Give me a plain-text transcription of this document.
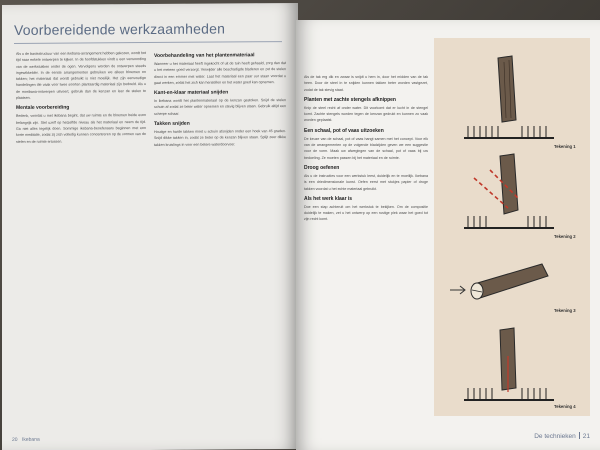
Voorbereidende werkzaamheden

Als u de basisstructuur van een ikebana-arrangement hebben gekozen, wordt het tijd naar enkele ontwerpen te kijken. In de hoofdstukken vindt u een verwoording van de werkstukken onder de ogen. Vervolgens worden de ontwerpen steeds ingewikkelder. In de eerste arrangementen gebruiken we alleen bloemen en takken; het materiaal dat wordt gebruikt is niet moeilijk. Het zijn eenvoudige handelingen die vaak voor twee soorten plantaardig materiaal zijn bedoeld. Als u de moribana-ontwerpen uitvoert, gebruik dan de kenzan en leer de stelen te plaatsen.

Mentale voorbereiding

Bedenk, voordat u met ikebana begint, dat uw ruimte en de bloemen beide even belangrijk zijn. Stel uzelf op hetzelfde niveau als het materiaal en neem de tijd. Ga niet alles tegelijk doen. Sommige ikebana-beoefenaars beginnen met een korte meditatie, zodat zij zich volledig kunnen concentreren op de vormen van de stelen en de ruimte ertussen.

Voorbehandeling van het plantenmateriaal

Wanneer u het materiaal heeft ingekocht of uit de tuin heeft gehaald, zorg dan dat u het meteen goed verzorgt. Verwijder alle beschadigde bladeren en zet de stelen direct in een emmer met water. Laat het materiaal een paar uur staan voordat u gaat werken, zodat het zich kan herstellen en het water goed kan opnemen.

Kant-en-klaar materiaal snijden

In ikebana wordt het plantenmateriaal op de kenzan gestoken. Snijd de stelen schuin af zodat ze beter water opnemen en stevig blijven staan. Gebruik altijd een scherpe schaar.

Takken snijden

Houtige en harde takken moet u schuin afsnijden onder een hoek van 45 graden. Snijd dikke takken in, zodat ze beter op de kenzan blijven staan. Splijt zeer dikke takken kruislings in voor een betere waterdoorvoer.

20 Ikebana

Als de tak erg dik en zwaar is snijdt u hem in, door het midden van de tak heen. Door de steel in te snijden kunnen takken beter worden vastgezet, zodat de tak stevig staat.

Planten met zachte stengels afknippen

Knip de steel recht af onder water. Dit voorkomt dat er lucht in de stengel komt. Zachte stengels worden tegen de kenzan gedrukt en kunnen zo vaak worden geplaatst.

Een schaal, pot of vaas uitzoeken

De keuze van de schaal, pot of vaas hangt samen met het concept. Voor elk van de arrangementen op de volgende bladzijden geven we een suggestie voor de vorm. Maak uw afwegingen van de schaal, pot of vaas bij uw bedoeling. Ze moeten passen bij het materiaal en de ruimte.

Droog oefenen

Als u de instructies voor een werkstuk leest, duidelijk en te moeilijk. Ikebana is een driedimensionale kunst. Oefen eerst met stukjes papier of droge takken voordat u het echte materiaal gebruikt.

Als het werk klaar is

Doe een stap achteruit om het werkstuk te bekijken. Om de compositie duidelijk te maken, zet u het ontwerp op een rustige plek waar het goed tot zijn recht komt.

Tekening 1
Tekening 2
Tekening 3
Tekening 4
De technieken 21
